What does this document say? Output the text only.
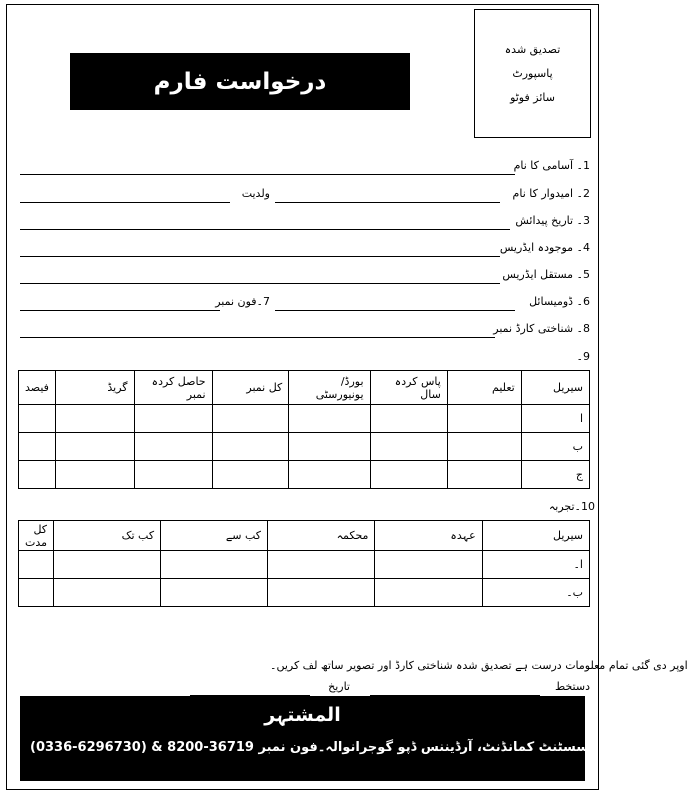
تصدیق شدہ
پاسپورٹ
سائز فوٹو
درخواست فارم
1۔ آسامی کا نام
2۔ امیدوار کا نام
ولدیت
3۔ تاریخ پیدائش
4۔ موجودہ ایڈریس
5۔ مستقل ایڈریس
6۔ ڈومیسائل
7۔فون نمبر
8۔ شناختی کارڈ نمبر
9۔
سیریل	تعلیم	پاس کردہ سال	بورڈ/یونیورسٹی	کل نمبر	حاصل کردہ نمبر	گریڈ	فیصد
ا							
ب							
ج							
10۔تجربہ
سیریل	عہدہ	محکمہ	کب سے	کب تک	کل مدت
ا۔					
ب۔					
اوپر دی گئی تمام معلومات درست ہے تصدیق شدہ شناختی کارڈ اور تصویر ساتھ لف کریں۔
دستخط
تاریخ
المشتہر
(0336-6296730) & 8200-36719 اسسٹنٹ کمانڈنٹ، آرڈیننس ڈپو گوجرانوالہ۔فون نمبر:
